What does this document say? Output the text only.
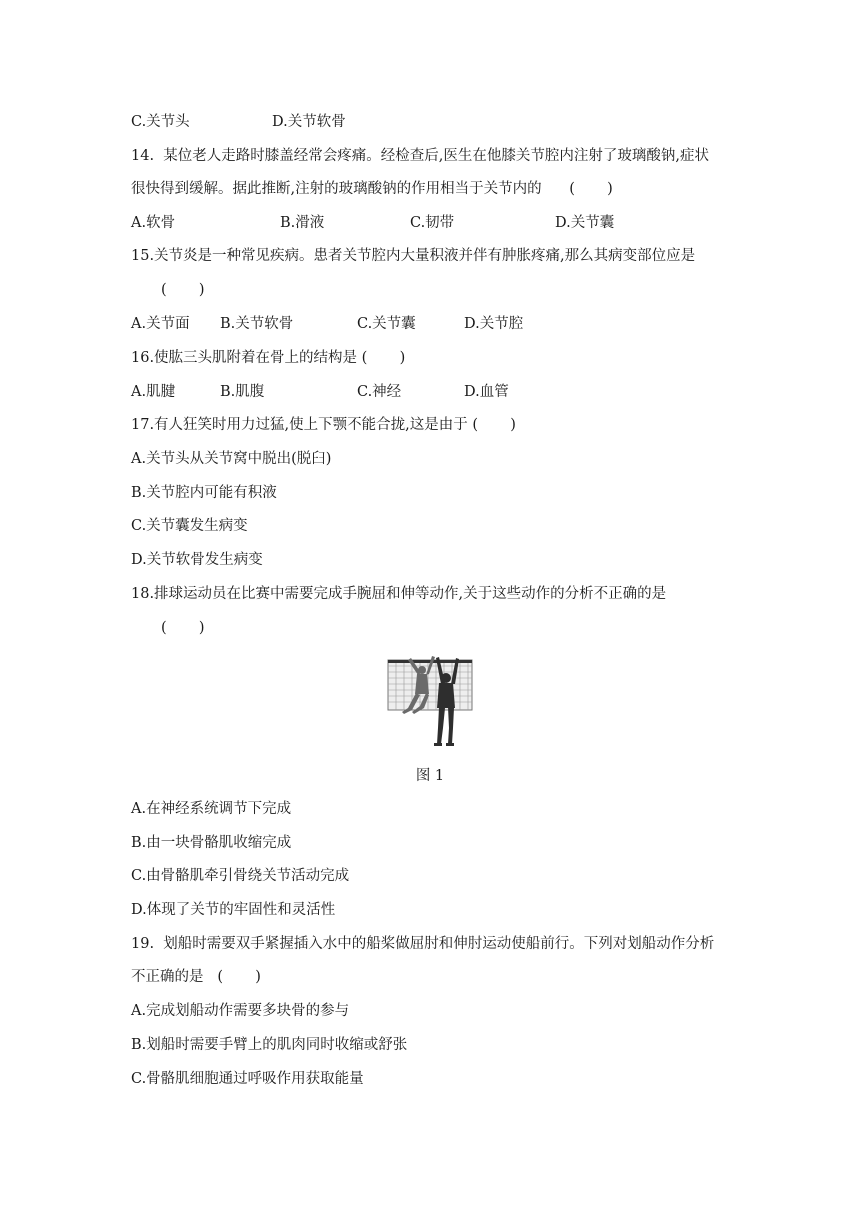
C.关节头	D.关节软骨

14.  某位老人走路时膝盖经常会疼痛。经检查后,医生在他膝关节腔内注射了玻璃酸钠,症状

很快得到缓解。据此推断,注射的玻璃酸钠的作用相当于关节内的      (       )

A.软骨	B.滑液	C.韧带	D.关节囊

15.关节炎是一种常见疾病。患者关节腔内大量积液并伴有肿胀疼痛,那么其病变部位应是

(       )

A.关节面 B.关节软骨	C.关节囊	D.关节腔

16.使肱三头肌附着在骨上的结构是 (       )

A.肌腱	B.肌腹	C.神经	D.血管

17.有人狂笑时用力过猛,使上下颚不能合拢,这是由于 (       )

A.关节头从关节窝中脱出(脱臼)

B.关节腔内可能有积液

C.关节囊发生病变

D.关节软骨发生病变

18.排球运动员在比赛中需要完成手腕屈和伸等动作,关于这些动作的分析不正确的是

(       )

图 1

A.在神经系统调节下完成

B.由一块骨骼肌收缩完成

C.由骨骼肌牵引骨绕关节活动完成

D.体现了关节的牢固性和灵活性

19.  划船时需要双手紧握插入水中的船桨做屈肘和伸肘运动使船前行。下列对划船动作分析

不正确的是   (       )

A.完成划船动作需要多块骨的参与

B.划船时需要手臂上的肌肉同时收缩或舒张

C.骨骼肌细胞通过呼吸作用获取能量
